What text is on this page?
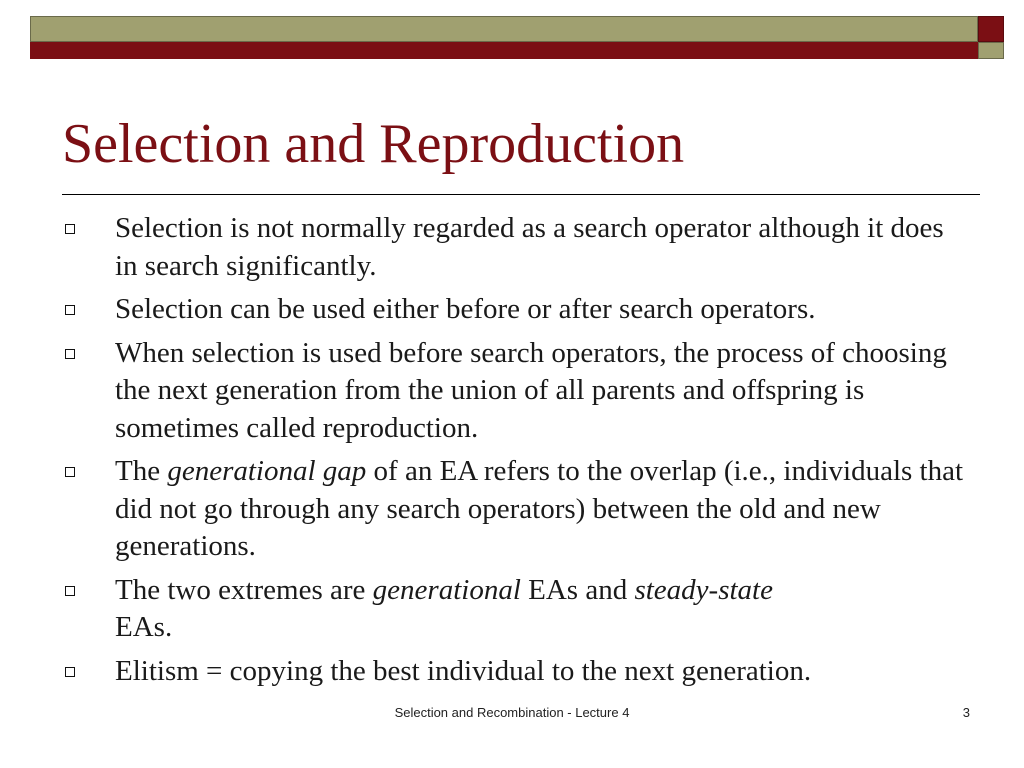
Selection and Reproduction
Selection is not normally regarded as a search operator although it does in search significantly.
Selection can be used either before or after search operators.
When selection is used before search operators, the process of choosing the next generation from the union of all parents and offspring is sometimes called reproduction.
The generational gap of an EA refers to the overlap (i.e., individuals that did not go through any search operators) between the old and new generations.
The two extremes are generational EAs and steady-state
EAs.
Elitism = copying the best individual to the next generation.
Selection and Recombination - Lecture 4	3
